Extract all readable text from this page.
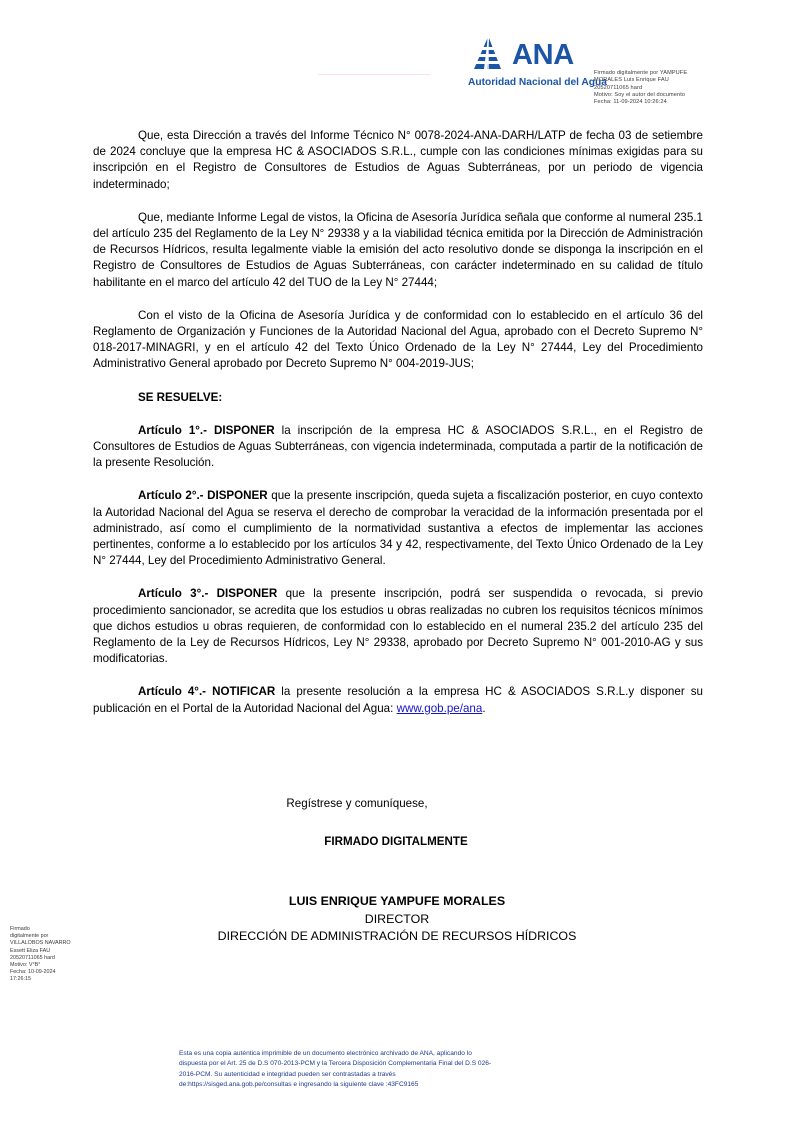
ANA
Autoridad Nacional del Agua
Firmado digitalmente por YAMPUFE
MORALES Luis Enrique FAU
20520711065 hard
Motivo: Soy el autor del documento
Fecha: 11-09-2024 10:26:24

Que, esta Dirección a través del Informe Técnico N° 0078-2024-ANA-DARH/LATP de fecha 03 de setiembre de 2024 concluye que la empresa HC & ASOCIADOS S.R.L., cumple con las condiciones mínimas exigidas para su inscripción en el Registro de Consultores de Estudios de Aguas Subterráneas, por un periodo de vigencia indeterminado;

Que, mediante Informe Legal de vistos, la Oficina de Asesoría Jurídica señala que conforme al numeral 235.1 del artículo 235 del Reglamento de la Ley N° 29338 y a la viabilidad técnica emitida por la Dirección de Administración de Recursos Hídricos, resulta legalmente viable la emisión del acto resolutivo donde se disponga la inscripción en el Registro de Consultores de Estudios de Aguas Subterráneas, con carácter indeterminado en su calidad de título habilitante en el marco del artículo 42 del TUO de la Ley N° 27444;

Con el visto de la Oficina de Asesoría Jurídica y de conformidad con lo establecido en el artículo 36 del Reglamento de Organización y Funciones de la Autoridad Nacional del Agua, aprobado con el Decreto Supremo N° 018-2017-MINAGRI, y en el artículo 42 del Texto Único Ordenado de la Ley N° 27444, Ley del Procedimiento Administrativo General aprobado por Decreto Supremo N° 004-2019-JUS;

SE RESUELVE:

Artículo 1°.- DISPONER la inscripción de la empresa HC & ASOCIADOS S.R.L., en el Registro de Consultores de Estudios de Aguas Subterráneas, con vigencia indeterminada, computada a partir de la notificación de la presente Resolución.

Artículo 2°.- DISPONER que la presente inscripción, queda sujeta a fiscalización posterior, en cuyo contexto la Autoridad Nacional del Agua se reserva el derecho de comprobar la veracidad de la información presentada por el administrado, así como el cumplimiento de la normatividad sustantiva a efectos de implementar las acciones pertinentes, conforme a lo establecido por los artículos 34 y 42, respectivamente, del Texto Único Ordenado de la Ley N° 27444, Ley del Procedimiento Administrativo General.

Artículo 3°.- DISPONER que la presente inscripción, podrá ser suspendida o revocada, si previo procedimiento sancionador, se acredita que los estudios u obras realizadas no cubren los requisitos técnicos mínimos que dichos estudios u obras requieren, de conformidad con lo establecido en el numeral 235.2 del artículo 235 del Reglamento de la Ley de Recursos Hídricos, Ley N° 29338, aprobado por Decreto Supremo N° 001-2010-AG y sus modificatorias.

Artículo 4°.- NOTIFICAR la presente resolución a la empresa HC & ASOCIADOS S.R.L.y disponer su publicación en el Portal de la Autoridad Nacional del Agua: www.gob.pe/ana.

Regístrese y comuníquese,
FIRMADO DIGITALMENTE
LUIS ENRIQUE YAMPUFE MORALES
DIRECTOR
DIRECCIÓN DE ADMINISTRACIÓN DE RECURSOS HÍDRICOS
Firmado
digitalmente por
VILLALOBOS NAVARRO
Essett Eliza FAU
20520711065 hard
Motivo: V°B°
Fecha: 10-09-2024
17:26:15
Esta es una copia auténtica imprimible de un documento electrónico archivado de ANA, aplicando lo
dispuesta por el Art. 25 de D.S 070-2013-PCM y la Tercera Disposición Complementaria Final del D.S 026-
2016-PCM. Su autenticidad e integridad pueden ser contrastadas a través
de:https://sisged.ana.gob.pe/consultas e ingresando la siguiente clave :43FC9165
